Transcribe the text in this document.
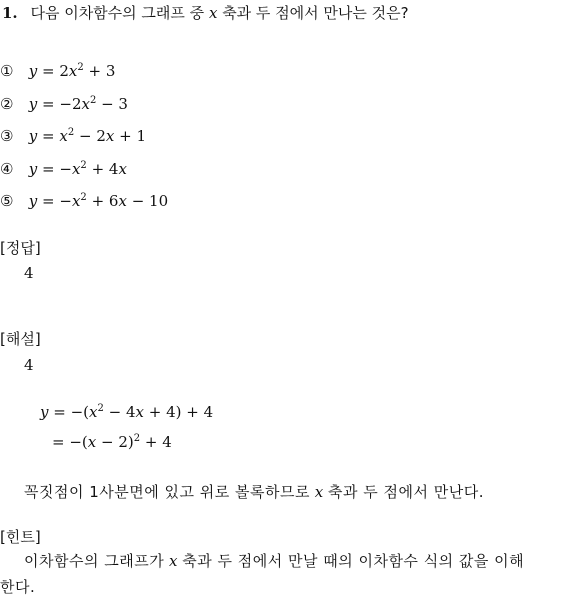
1. 다음 이차함수의 그래프 중 x 축과 두 점에서 만나는 것은?
① $y = 2x^2 + 3$
② $y = -2x^2 - 3$
③ $y = x^2 - 2x + 1$
④ $y = -x^2 + 4x$
⑤ $y = -x^2 + 6x - 10$
[정답]
4
[해설]
4
$y = -(x^2 - 4x + 4) + 4$
= $-(x - 2)^2 + 4$
꼭짓점이 1사분면에 있고 위로 볼록하므로 x 축과 두 점에서 만난다.
[힌트]
이차함수의 그래프가 x 축과 두 점에서 만날 때의 이차함수 식의 값을 이해
한다.
